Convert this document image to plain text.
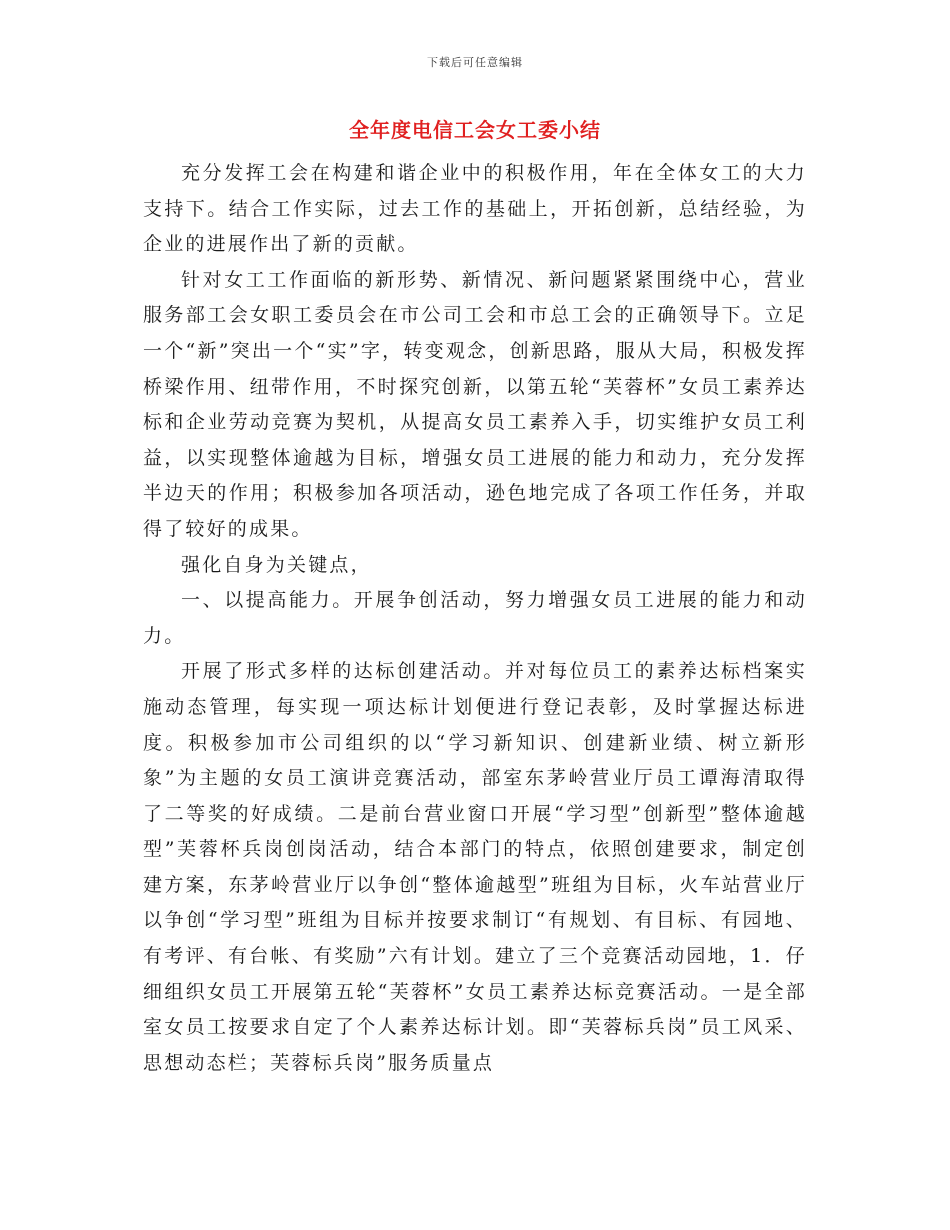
下载后可任意编辑
全年度电信工会女工委小结

充分发挥工会在构建和谐企业中的积极作用，年在全体女工的大力支持下。结合工作实际，过去工作的基础上，开拓创新，总结经验，为企业的进展作出了新的贡献。

针对女工工作面临的新形势、新情况、新问题紧紧围绕中心，营业服务部工会女职工委员会在市公司工会和市总工会的正确领导下。立足一个“新”突出一个“实”字，转变观念，创新思路，服从大局，积极发挥桥梁作用、纽带作用，不时探究创新，以第五轮“芙蓉杯”女员工素养达标和企业劳动竞赛为契机，从提高女员工素养入手，切实维护女员工利益，以实现整体逾越为目标，增强女员工进展的能力和动力，充分发挥半边天的作用；积极参加各项活动，逊色地完成了各项工作任务，并取得了较好的成果。

强化自身为关键点，

一、以提高能力。开展争创活动，努力增强女员工进展的能力和动力。

开展了形式多样的达标创建活动。并对每位员工的素养达标档案实施动态管理，每实现一项达标计划便进行登记表彰，及时掌握达标进度。积极参加市公司组织的以“学习新知识、创建新业绩、树立新形象”为主题的女员工演讲竞赛活动，部室东茅岭营业厅员工谭海清取得了二等奖的好成绩。二是前台营业窗口开展“学习型”创新型”整体逾越型”芙蓉杯兵岗创岗活动，结合本部门的特点，依照创建要求，制定创建方案，东茅岭营业厅以争创“整体逾越型”班组为目标，火车站营业厅以争创“学习型”班组为目标并按要求制订“有规划、有目标、有园地、有考评、有台帐、有奖励”六有计划。建立了三个竞赛活动园地，1．仔细组织女员工开展第五轮“芙蓉杯”女员工素养达标竞赛活动。一是全部室女员工按要求自定了个人素养达标计划。即“芙蓉标兵岗”员工风采、思想动态栏；芙蓉标兵岗”服务质量点
